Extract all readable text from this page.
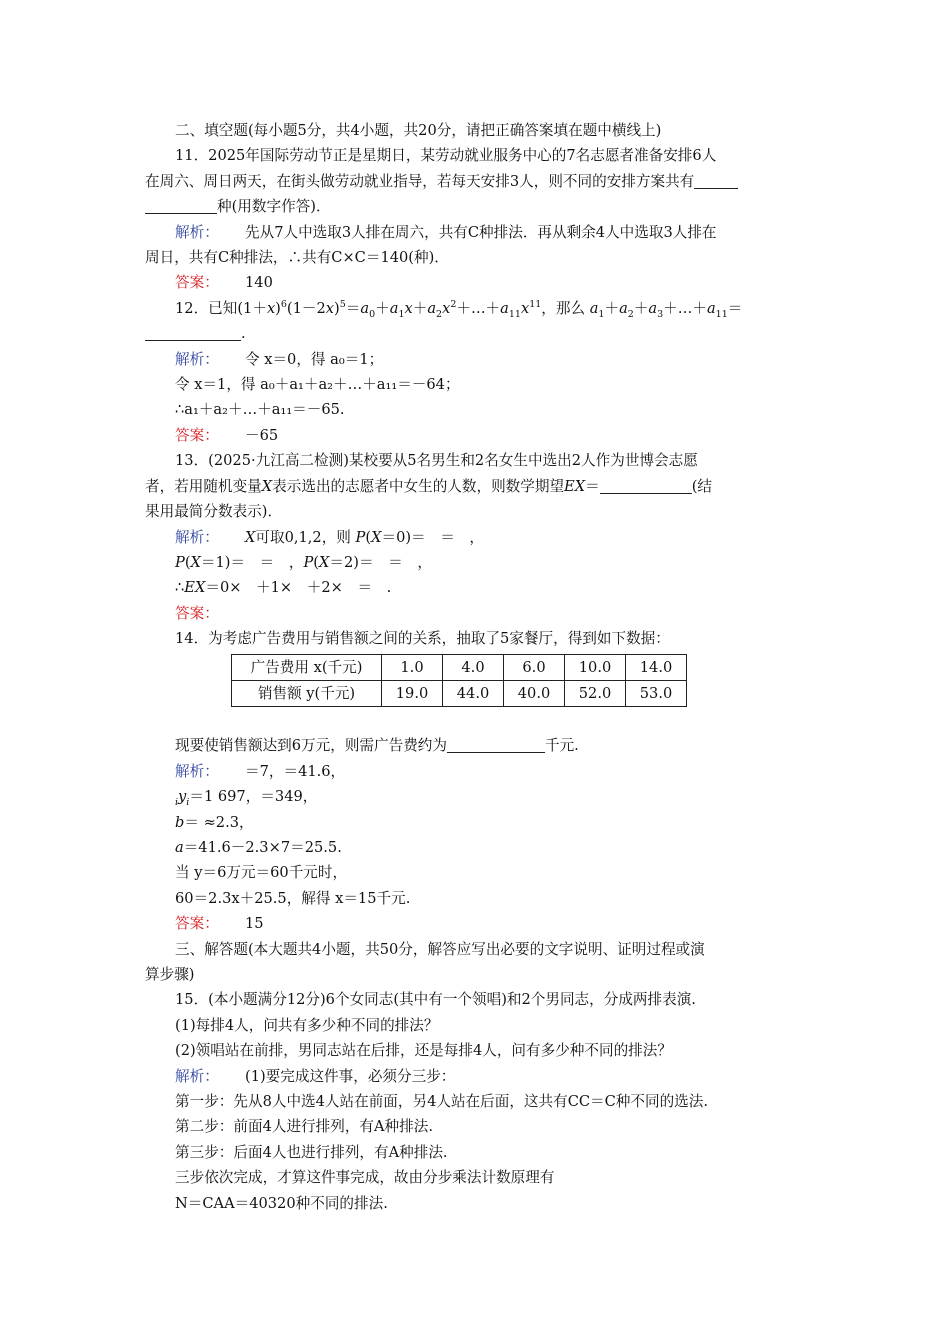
二、填空题(每小题5分，共4小题，共20分，请把正确答案填在题中横线上)
11．2025年国际劳动节正是星期日，某劳动就业服务中心的7名志愿者准备安排6人
在周六、周日两天，在街头做劳动就业指导，若每天安排3人，则不同的安排方案共有
种(用数字作答)．
解析： 先从7人中选取3人排在周六，共有C种排法．再从剩余4人中选取3人排在
周日，共有C种排法，∴共有C×C＝140(种)．
答案： 140
12．已知$(1+x)^6(1-2x)^5=a_0+a_1x+a_2x^2+\dots+a_{11}x^{11}$，那么 $a_1+a_2+a_3+\dots+a_{11}=$
.
解析： 令 x＝0，得 a₀＝1；
令 x＝1，得 a₀＋a₁＋a₂＋…＋a₁₁＝－64；
∴a₁＋a₂＋…＋a₁₁＝－65.
答案： －65
13．(2025·九江高二检测)某校要从5名男生和2名女生中选出2人作为世博会志愿
者，若用随机变量X表示选出的志愿者中女生的人数，则数学期望EX＝	(结
果用最简分数表示)．
解析： X可取0,1,2，则 P(X＝0)＝　＝　，
P(X＝1)＝　＝　，P(X＝2)＝　＝　，
∴EX＝0×　＋1×　＋2×　＝　.
答案：
14．为考虑广告费用与销售额之间的关系，抽取了5家餐厅，得到如下数据：
广告费用 x(千元)	1.0	4.0	6.0	10.0	14.0
销售额 y(千元)	19.0	44.0	40.0	52.0	53.0
现要使销售额达到6万元，则需广告费约为	千元.
解析： ＝7，＝41.6，
$_iy_i=1$ 697，＝349，
b＝ ≈2.3，
a＝41.6－2.3×7＝25.5.
当 y＝6万元＝60千元时，
60＝2.3x＋25.5，解得 x＝15千元.
答案： 15
三、解答题(本大题共4小题，共50分，解答应写出必要的文字说明、证明过程或演
算步骤)
15．(本小题满分12分)6个女同志(其中有一个领唱)和2个男同志，分成两排表演.
(1)每排4人，问共有多少种不同的排法？
(2)领唱站在前排，男同志站在后排，还是每排4人，问有多少种不同的排法？
解析： (1)要完成这件事，必须分三步：
第一步：先从8人中选4人站在前面，另4人站在后面，这共有CC＝C种不同的选法.
第二步：前面4人进行排列，有A种排法.
第三步：后面4人也进行排列，有A种排法.
三步依次完成，才算这件事完成，故由分步乘法计数原理有
N＝CAA＝40320种不同的排法.
